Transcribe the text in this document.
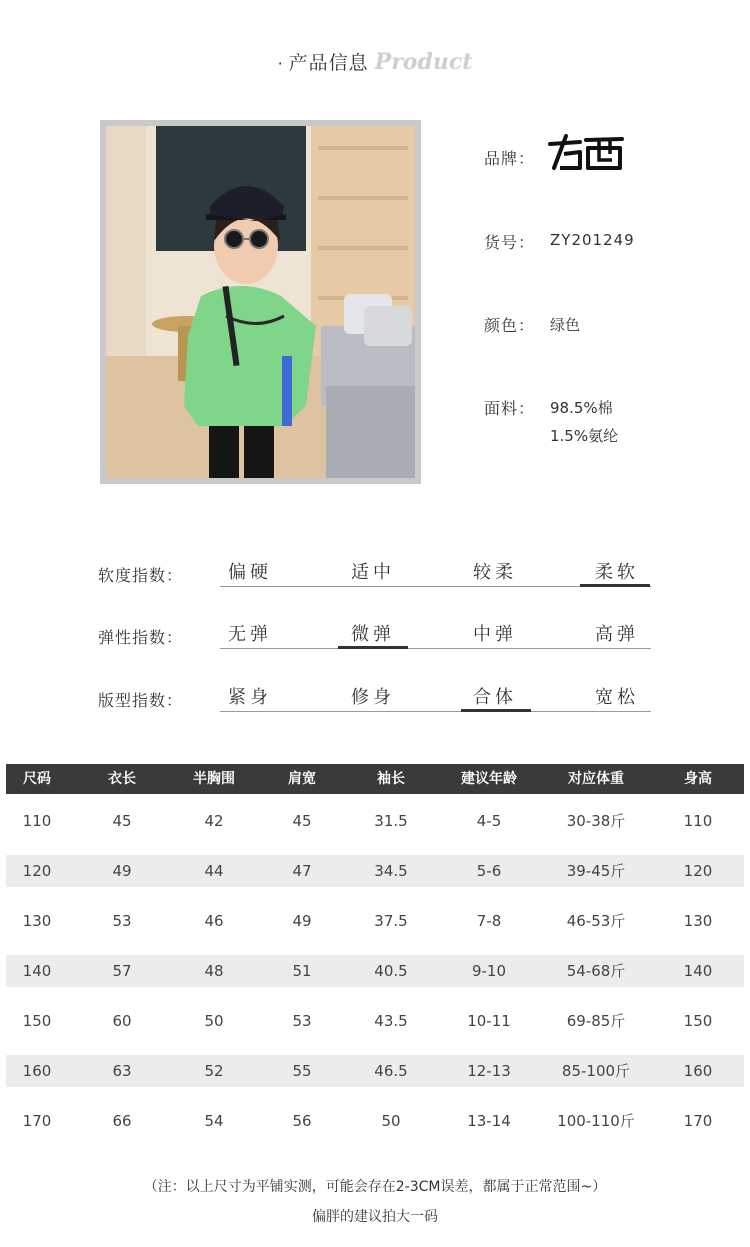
· 产品信息 Product
品牌：
货号： ZY201249
颜色： 绿色
面料： 98.5%棉
1.5%氨纶
软度指数：	偏硬	适中	较柔	柔软
弹性指数：	无弹	微弹	中弹	高弹
版型指数：	紧身	修身	合体	宽松
尺码	衣长	半胸围	肩宽	袖长	建议年龄	对应体重	身高
110	45	42	45	31.5	4-5	30-38斤	110
120	49	44	47	34.5	5-6	39-45斤	120
130	53	46	49	37.5	7-8	46-53斤	130
140	57	48	51	40.5	9-10	54-68斤	140
150	60	50	53	43.5	10-11	69-85斤	150
160	63	52	55	46.5	12-13	85-100斤	160
170	66	54	56	50	13-14	100-110斤	170
（注：以上尺寸为平铺实测，可能会存在2-3CM误差，都属于正常范围~）
偏胖的建议拍大一码
